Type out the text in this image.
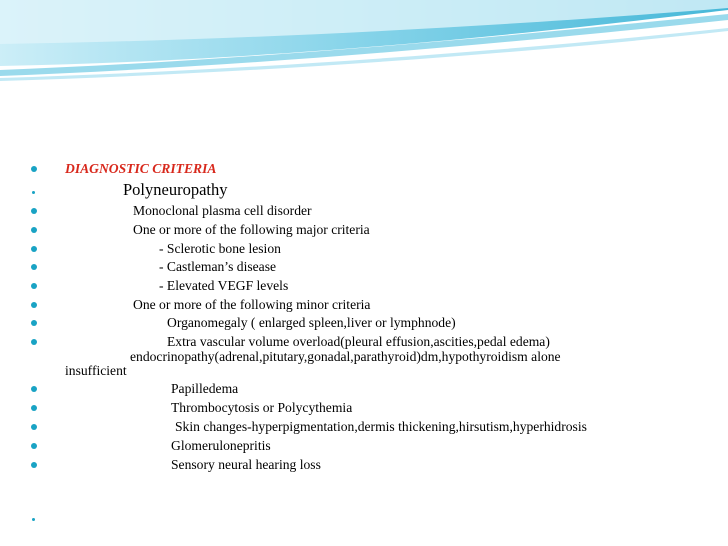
DIAGNOSTIC CRITERIA
Polyneuropathy
Monoclonal plasma cell disorder
One or more of the following major criteria
- Sclerotic bone lesion
- Castleman’s disease
- Elevated VEGF levels
One or more of the following minor criteria
Organomegaly ( enlarged spleen,liver or lymphnode)
Extra vascular volume overload(pleural effusion,ascities,pedal edema)
endocrinopathy(adrenal,pitutary,gonadal,parathyroid)dm,hypothyroidism alone
insufficient
Papilledema
Thrombocytosis or Polycythemia
Skin changes-hyperpigmentation,dermis thickening,hirsutism,hyperhidrosis
Glomerulonepritis
Sensory neural hearing loss
